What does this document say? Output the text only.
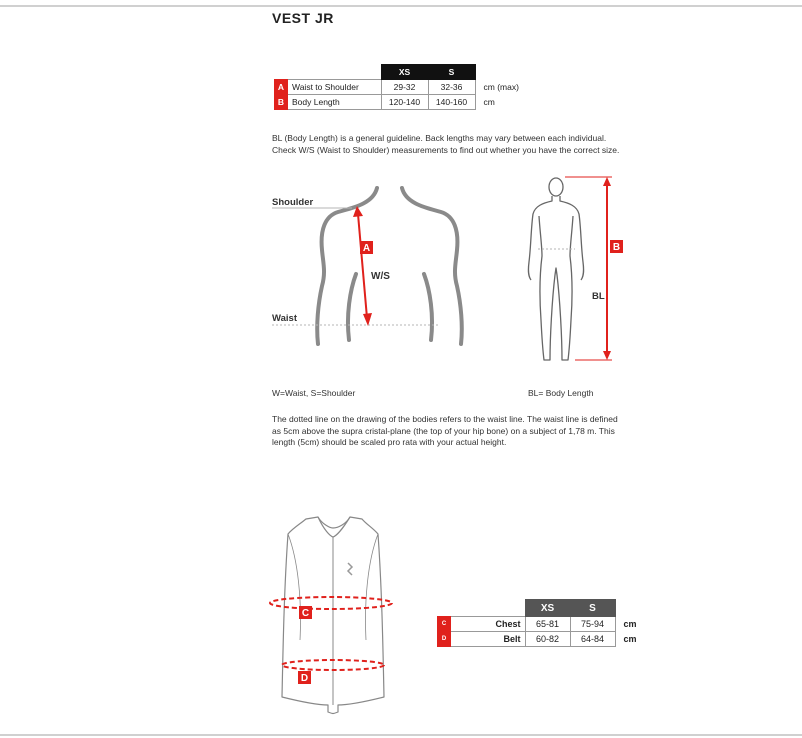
VEST JR
		XS	S	
A	Waist to Shoulder	29-32	32-36	cm (max)
B	Body Length	120-140	140-160	cm
BL (Body Length) is a general guideline. Back lengths may vary between each individual.
Check W/S (Waist to Shoulder) measurements to find out whether you have the correct size.
A
W/S
Shoulder
Waist
B
BL
W=Waist, S=Shoulder	BL= Body Length
C
D
The dotted line on the drawing of the bodies refers to the waist line. The waist line is defined
as 5cm above the supra cristal-plane (the top of your hip bone) on a subject of 1,78 m. This
length (5cm) should be scaled pro rata with your actual height.
		XS	S	
C	Chest	65-81	75-94	cm
D	Belt	60-82	64-84	cm
